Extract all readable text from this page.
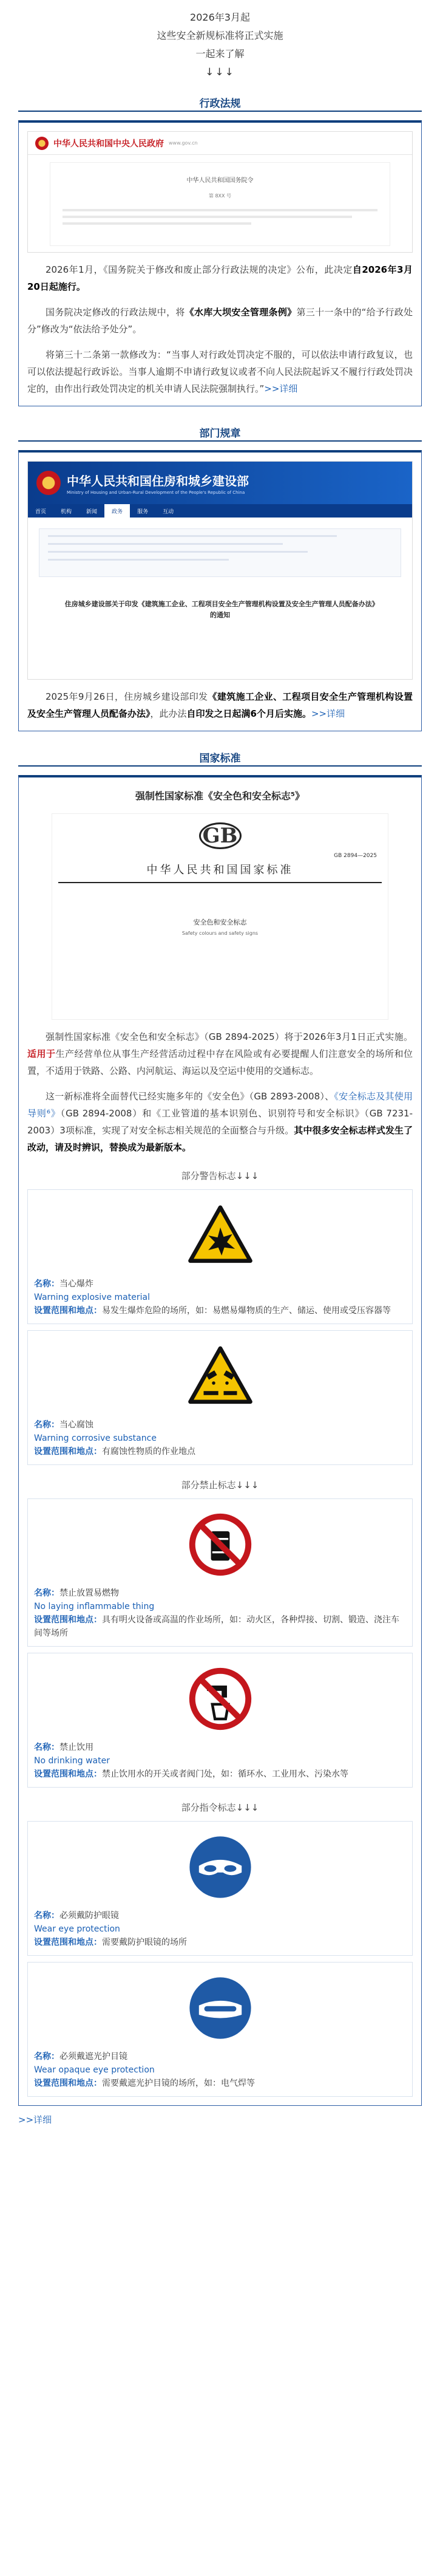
2026年3月起

这些安全新规标准将正式实施

一起来了解

↓↓↓

行政法规
中华人民共和国中央人民政府 www.gov.cn
中华人民共和国国务院令
第 8XX 号

2026年1月，《国务院关于修改和废止部分行政法规的决定》公布，此决定自2026年3月20日起施行。

国务院决定修改的行政法规中，将《水库大坝安全管理条例》第三十一条中的“给予行政处分”修改为“依法给予处分”。

将第三十二条第一款修改为：“当事人对行政处罚决定不服的，可以依法申请行政复议，也可以依法提起行政诉讼。当事人逾期不申请行政复议或者不向人民法院起诉又不履行行政处罚决定的，由作出行政处罚决定的机关申请人民法院强制执行。”>>详细

部门规章
中华人民共和国住房和城乡建设部
Ministry of Housing and Urban-Rural Development of the People's Republic of China
首页	机构	新闻	政务	服务	互动
住房城乡建设部关于印发《建筑施工企业、工程项目安全生产管理机构设置及安全生产管理人员配备办法》的通知

2025年9月26日，住房城乡建设部印发《建筑施工企业、工程项目安全生产管理机构设置及安全生产管理人员配备办法》，此办法自印发之日起满6个月后实施。>>详细

国家标准
强制性国家标准《安全色和安全标志⁵》
GB
GB 2894—2025
中华人民共和国国家标准
安全色和安全标志
Safety colours and safety signs

强制性国家标准《安全色和安全标志》（GB 2894-2025）将于2026年3月1日正式实施。适用于生产经营单位从事生产经营活动过程中存在风险或有必要提醒人们注意安全的场所和位置，不适用于铁路、公路、内河航运、海运以及空运中使用的交通标志。

这一新标准将全面替代已经实施多年的《安全色》（GB 2893-2008）、《安全标志及其使用导则⁶》（GB 2894-2008）和《工业管道的基本识别色、识别符号和安全标识》（GB 7231-2003）3项标准，实现了对安全标志相关规范的全面整合与升级。其中很多安全标志样式发生了改动，请及时辨识，替换成为最新版本。

部分警告标志↓↓↓
名称：当心爆炸
Warning explosive material
设置范围和地点：易发生爆炸危险的场所，如：易燃易爆物质的生产、储运、使用或受压容器等
名称：当心腐蚀
Warning corrosive substance
设置范围和地点：有腐蚀性物质的作业地点
部分禁止标志↓↓↓
名称：禁止放置易燃物
No laying inflammable thing
设置范围和地点：具有明火设备或高温的作业场所，如：动火区，各种焊接、切割、锻造、浇注车间等场所
名称：禁止饮用
No drinking water
设置范围和地点：禁止饮用水的开关或者阀门处，如：循环水、工业用水、污染水等
部分指令标志↓↓↓
名称：必须戴防护眼镜
Wear eye protection
设置范围和地点：需要戴防护眼镜的场所
名称：必须戴遮光护目镜
Wear opaque eye protection
设置范围和地点：需要戴遮光护目镜的场所，如：电气焊等
>>详细
